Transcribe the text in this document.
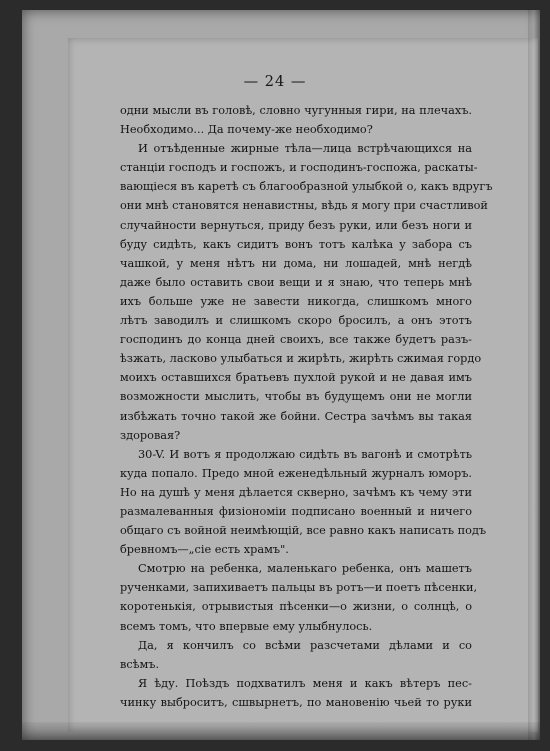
— 24 —

одни мысли въ головѣ, словно чугунныя гири, на плечахъ.
Необходимо... Да почему-же необходимо?

И отъѣденные жирные тѣла—лица встрѣчающихся на
станціи господъ и госпожъ, и господинъ-госпожа, раскаты-
вающіеся въ каретѣ съ благообразной улыбкой о, какъ вдругъ
они мнѣ становятся ненавистны, вѣдь я могу при счастливой
случайности вернуться, приду безъ руки, или безъ ноги и
буду сидѣть, какъ сидитъ вонъ тотъ калѣка у забора съ
чашкой, у меня нѣтъ ни дома, ни лошадей, мнѣ негдѣ
даже было оставить свои вещи и я знаю, что теперь мнѣ
ихъ больше уже не завести никогда, слишкомъ много
лѣтъ заводилъ и слишкомъ скоро бросилъ, а онъ этотъ
господинъ до конца дней своихъ, все также будетъ разъ-
ѣзжать, ласково улыбаться и жирѣть, жирѣть сжимая гордо
моихъ оставшихся братьевъ пухлой рукой и не давая имъ
возможности мыслить, чтобы въ будущемъ они не могли
избѣжать точно такой же бойни. Сестра зачѣмъ вы такая
здоровая?

30-V. И вотъ я продолжаю сидѣть въ вагонѣ и смотрѣть
куда попало. Предо мной еженедѣльный журналъ юморъ.
Но на душѣ у меня дѣлается скверно, зачѣмъ къ чему эти
размалеванныя физіономіи подписано военный и ничего
общаго съ войной неимѣющій, все равно какъ написать подъ
бревномъ—„сіе есть храмъ".

Смотрю на ребенка, маленькаго ребенка, онъ машетъ
рученками, запихиваетъ пальцы въ ротъ—и поетъ пѣсенки,
коротенькія, отрывистыя пѣсенки—о жизни, о солнцѣ, о
всемъ томъ, что впервые ему улыбнулось.

Да, я кончилъ со всѣми разсчетами дѣлами и со
всѣмъ.

Я ѣду. Поѣздъ подхватилъ меня и какъ вѣтеръ пес-
чинку выброситъ, сшвырнетъ, по мановенію чьей то руки
